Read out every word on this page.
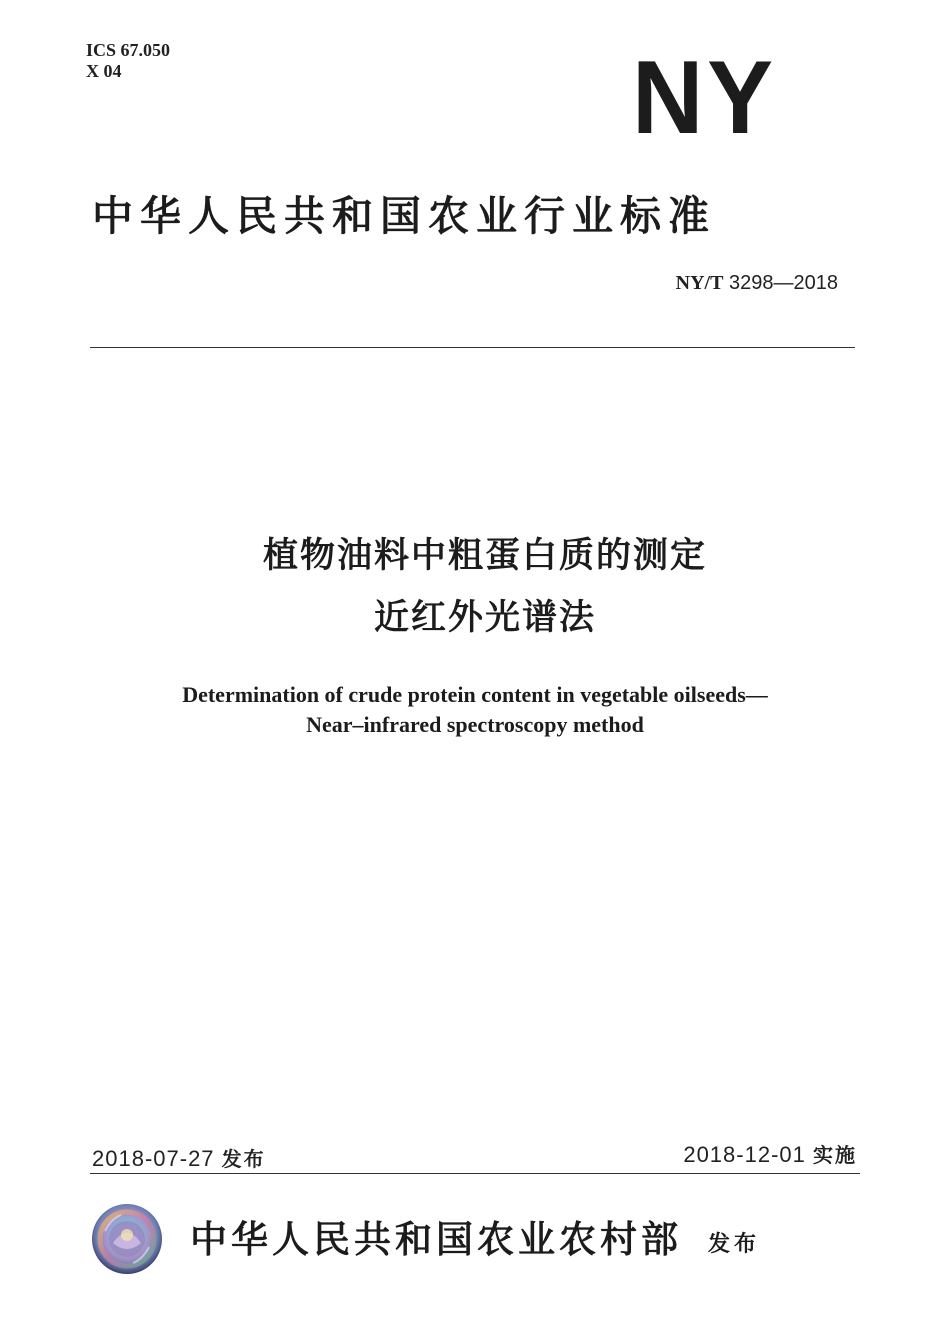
ICS 67.050
X 04	NY
中华人民共和国农业行业标准
NY/T 3298—2018
植物油料中粗蛋白质的测定
近红外光谱法
Determination of crude protein content in vegetable oilseeds—
Near–infrared spectroscopy method
2018-07-27 发布	2018-12-01 实施
中华人民共和国农业农村部 发布
